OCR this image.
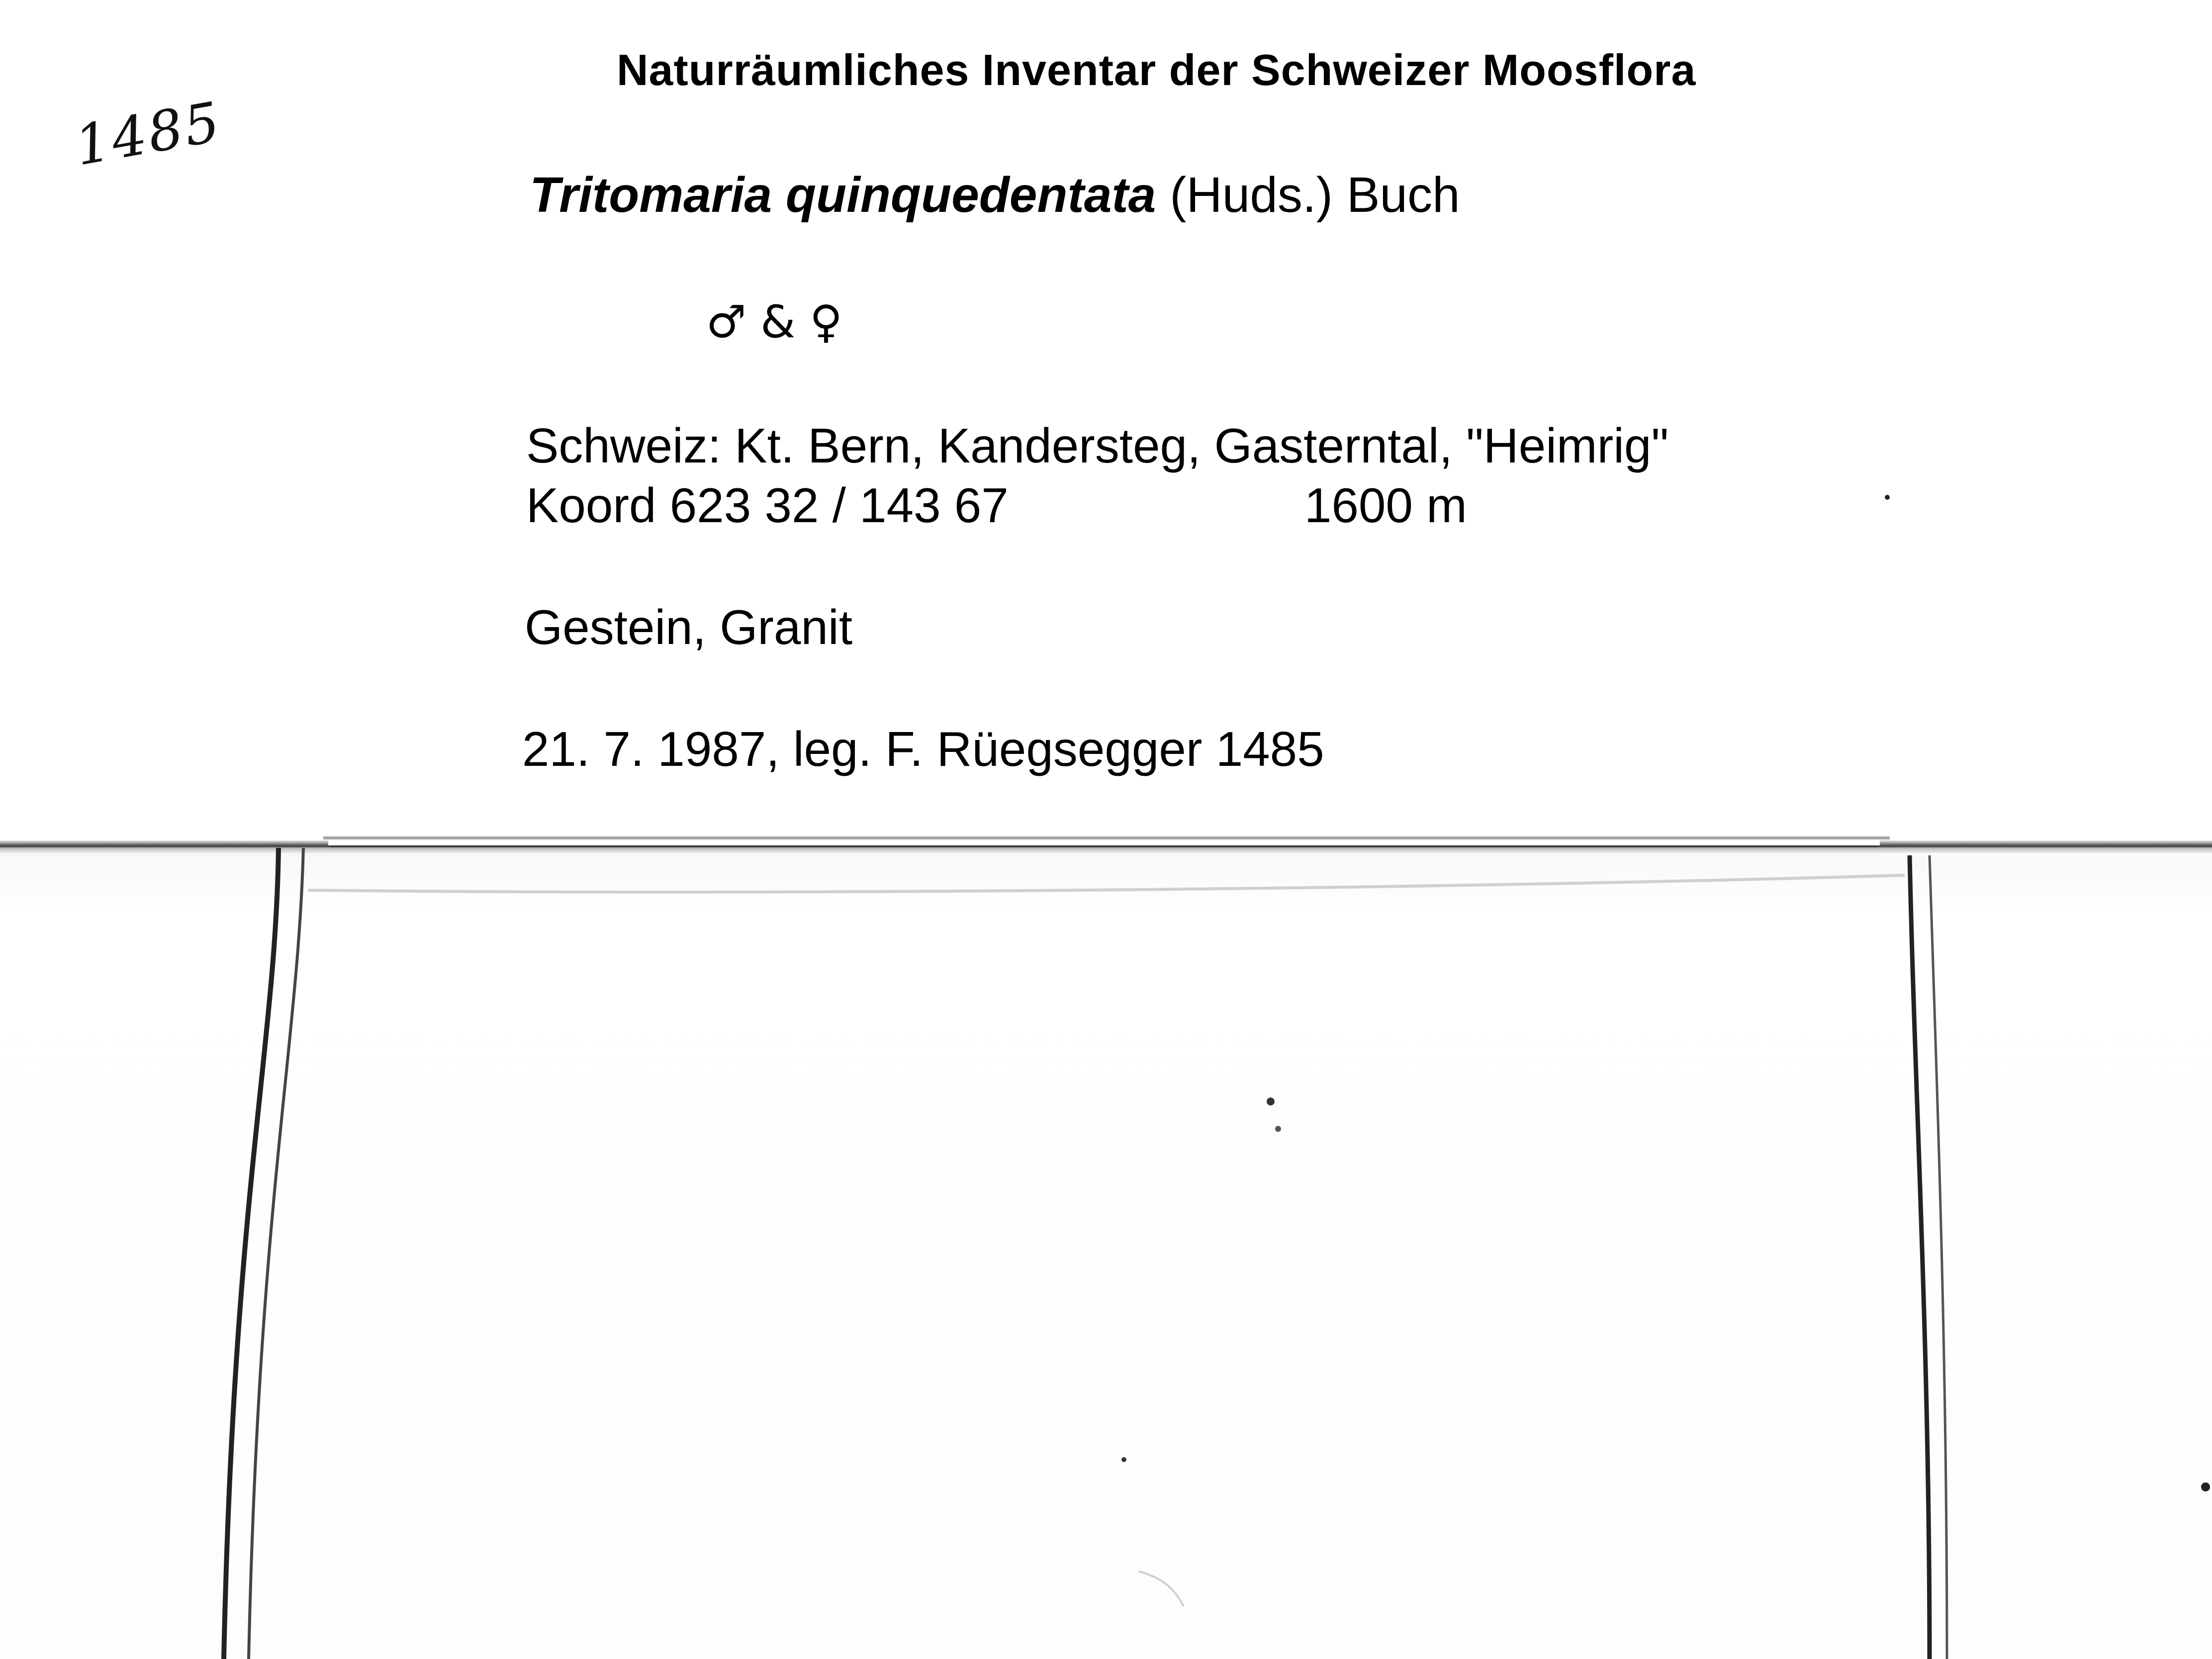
1485
Naturräumliches Inventar der Schweizer Moosflora
Tritomaria quinquedentata (Huds.) Buch
♂ & ♀
Schweiz: Kt. Bern, Kandersteg, Gasterntal, "Heimrig"
Koord 623 32 / 143 67	1600 m
Gestein, Granit
21. 7. 1987, leg. F. Rüegsegger 1485
